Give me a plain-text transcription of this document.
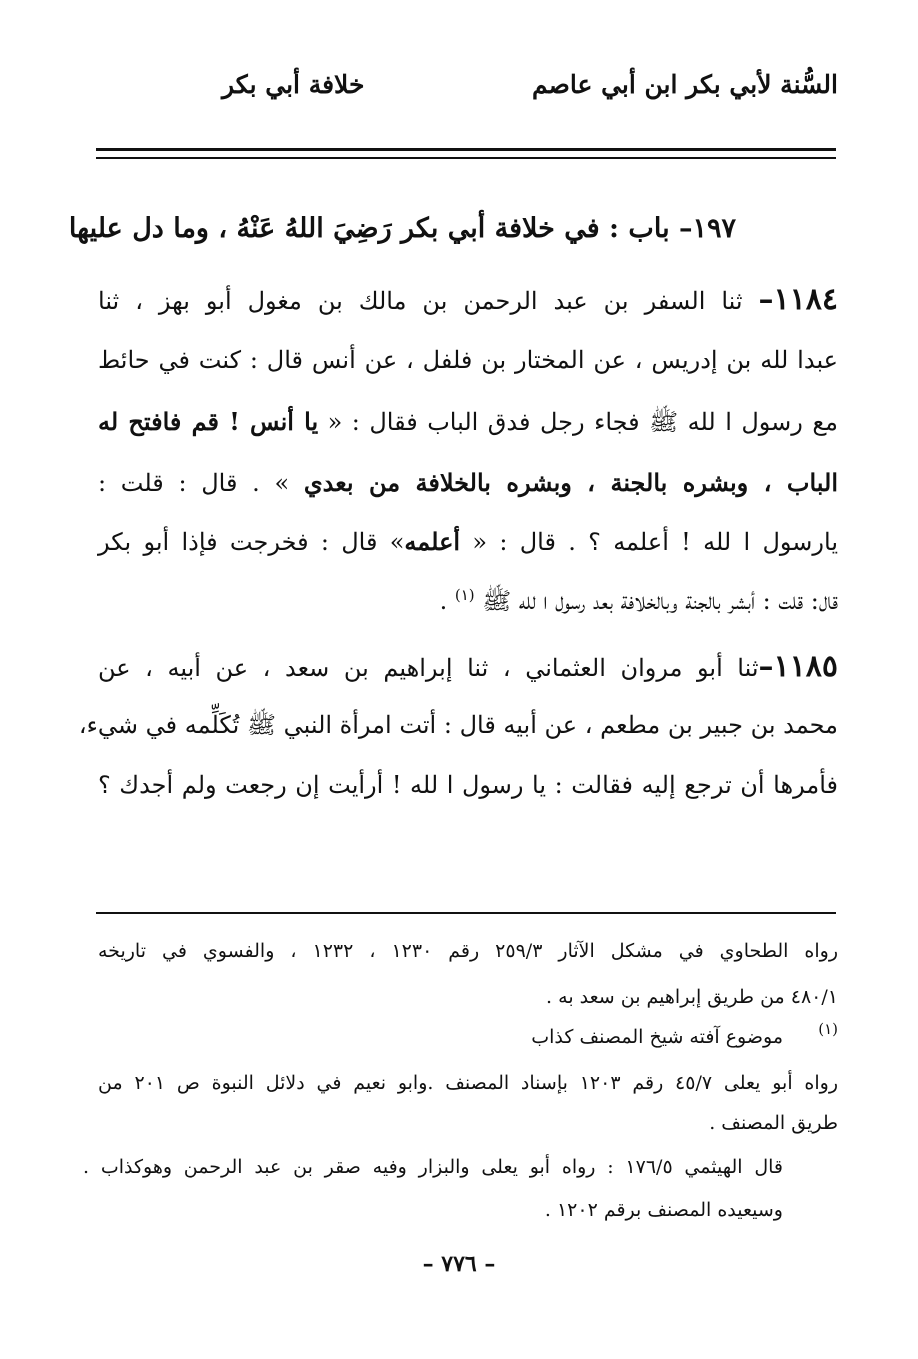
السُّنة لأبي بكر ابن أبي عاصم
خلافة أبي بكر
١٩٧– باب : في خلافة أبي بكر رَضِيَ اللهُ عَنْهُ ، وما دل عليها
١١٨٤– ثنا السفر بن عبد الرحمن بن مالك بن مغول أبو بهز ، ثنا
عبدا لله بن إدريس ، عن المختار بن فلفل ، عن أنس قال : كنت في حائط
مع رسول ا لله ﷺ فجاء رجل فدق الباب فقال : « يا أنس ! قم فافتح له
الباب ، وبشره بالجنة ، وبشره بالخلافة من بعدي » . قال : قلت :
يارسول ا لله ! أعلمه ؟ . قال : « أعلمه» قال : فخرجت فإذا أبو بكر
قال: قلت : أبشر بالجنة وبالخلافة بعد رسول ا لله ﷺ $^{(١)}$ .
١١٨٥–ثنا أبو مروان العثماني ، ثنا إبراهيم بن سعد ، عن أبيه ، عن
محمد بن جبير بن مطعم ، عن أبيه قال : أتت امرأة النبي ﷺ تُكَلِّمه في شيء،
فأمرها أن ترجع إليه فقالت : يا رسول ا لله ! أرأيت إن رجعت ولم أجدك ؟
رواه الطحاوي في مشكل الآثار ٢٥٩/٣ رقم ١٢٣٠ ، ١٢٣٢ ، والفسوي في تاريخه
٤٨٠/١ من طريق إبراهيم بن سعد به .
(١)
موضوع آفته شيخ المصنف كذاب
رواه أبو يعلى ٤٥/٧ رقم ١٢٠٣ بإسناد المصنف .وابو نعيم في دلائل النبوة ص ٢٠١ من
طريق المصنف .
قال الهيثمي ١٧٦/٥ : رواه أبو يعلى والبزار وفيه صقر بن عبد الرحمن وهوكذاب .
وسيعيده المصنف برقم ١٢٠٢ .
– ٧٧٦ –
